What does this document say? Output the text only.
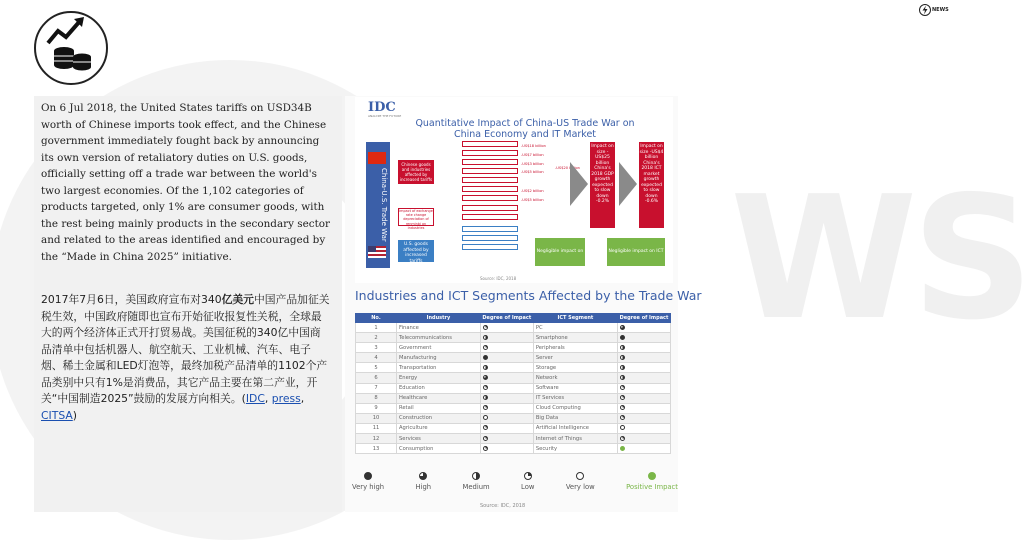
WS
NEWS
On 6 Jul 2018, the United States tariffs on USD34B worth of Chinese imports took effect, and the Chinese government immediately fought back by announcing its own version of retaliatory duties on U.S. goods, officially setting off a trade war between the world's two largest economies. Of the 1,102 categories of products targeted, only 1% are consumer goods, with the rest being mainly products in the secondary sector and related to the areas identified and encouraged by the “Made in China 2025” initiative.
2017年7月6日，美国政府宣布对340亿美元中国产品加征关税生效，中国政府随即也宣布开始征收报复性关税，全球最大的两个经济体正式开打贸易战。美国征税的340亿中国商品清单中包括机器人、航空航天、工业机械、汽车、电子烟、稀土金属和LED灯泡等，最终加税产品清单的1102个产品类别中只有1%是消费品，其它产品主要在第二产业，开关“中国制造2025”鼓励的发展方向相关。(IDC, press, CITSA)
IDC
ANALYZE THE FUTURE
Quantitative Impact of China-US Trade War on China Economy and IT Market
China-U.S. Trade War
Chinese goods and industries affected by increased tariffs
Impact of exchange rate change depreciation of renminbi on industries
U.S. goods affected by increased tariffs
-US$18 billion
-US$7 billion
-US$3 billion
-US$5 billion
-US$2 billion
-US$5 billion
-US$20 billion
Impact on size -US$25 billion China's 2018 GDP growth expected to slow down -0.2%
Impact on size -US$4 billion China's 2018 ICT market growth expected to slow down -0.6%
Negligible impact on GDP
Negligible impact on ICT market
Source: IDC, 2018
Industries and ICT Segments Affected by the Trade War
No.	Industry	Degree of Impact	ICT Segment	Degree of Impact
1	Finance		PC	
2	Telecommunications		Smartphone	
3	Government		Peripherals	
4	Manufacturing		Server	
5	Transportation		Storage	
6	Energy		Network	
7	Education		Software	
8	Healthcare		IT Services	
9	Retail		Cloud Computing	
10	Construction		Big Data	
11	Agriculture		Artificial Intelligence	
12	Services		Internet of Things	
13	Consumption		Security	
Very high	High	Medium	Low	Very low	Positive Impact
Source: IDC, 2018
